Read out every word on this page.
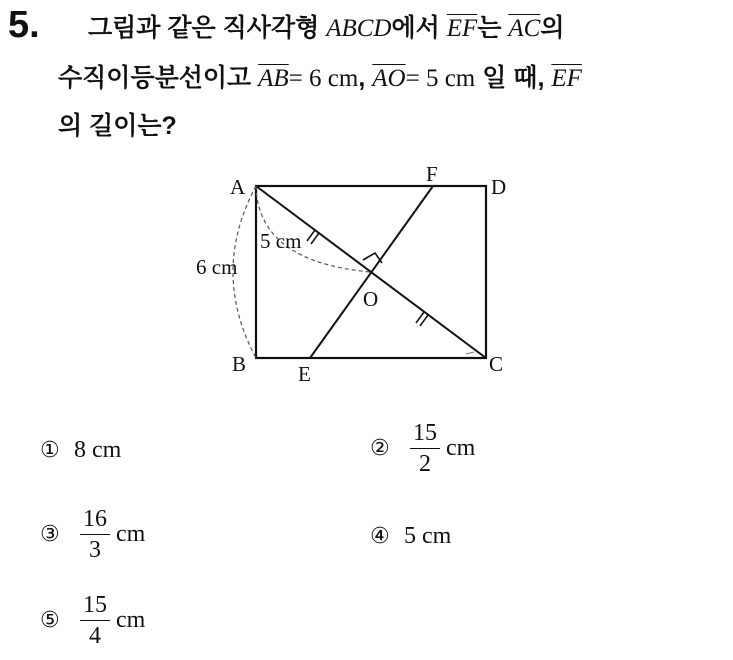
5. 그림과 같은 직사각형 ABCD에서 $\overline{EF}$는 $\overline{AC}$의
수직이등분선이고 $\overline{AB}= 6$ cm, $\overline{AO}= 5$ cm 일 때, $\overline{EF}$
의 길이는?
A
B	C
D
E
F
O
6 cm
5 cm
① 8
cm	② $\frac{15}{2}$ cm
③ $\frac{16}{3}$ cm	④ 5
cm
⑤ $\frac{15}{4}$ cm
